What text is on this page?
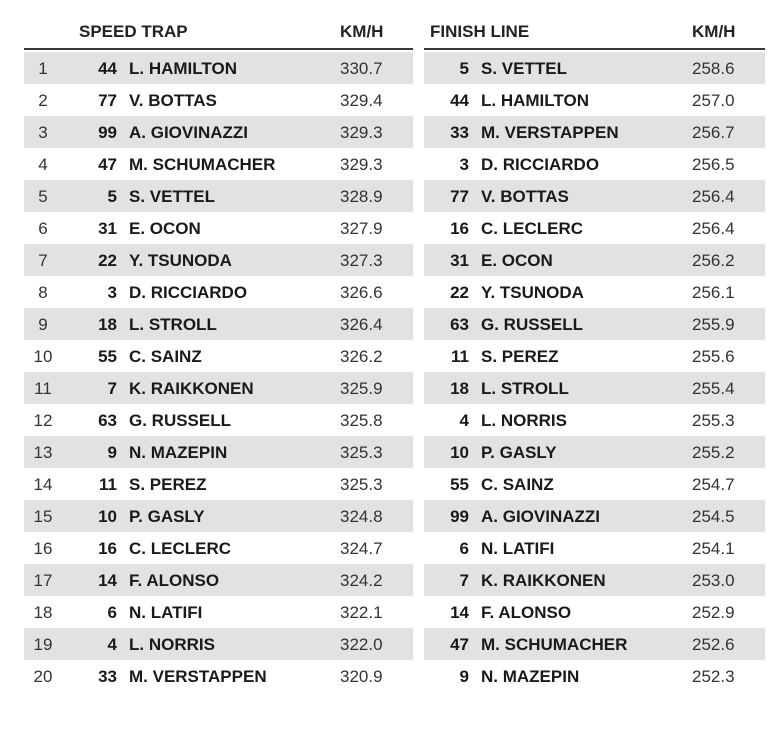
SPEED TRAP	KM/H
1	44 L. HAMILTON	330.7
2	77 V. BOTTAS	329.4
3	99 A. GIOVINAZZI	329.3
4	47 M. SCHUMACHER	329.3
5	5 S. VETTEL	328.9
6	31 E. OCON	327.9
7	22 Y. TSUNODA	327.3
8	3 D. RICCIARDO	326.6
9	18 L. STROLL	326.4
10	55 C. SAINZ	326.2
11	7 K. RAIKKONEN	325.9
12	63 G. RUSSELL	325.8
13	9 N. MAZEPIN	325.3
14	11 S. PEREZ	325.3
15	10 P. GASLY	324.8
16	16 C. LECLERC	324.7
17	14 F. ALONSO	324.2
18	6 N. LATIFI	322.1
19	4 L. NORRIS	322.0
20	33 M. VERSTAPPEN	320.9
FINISH LINE	KM/H
5 S. VETTEL	258.6
44 L. HAMILTON	257.0
33 M. VERSTAPPEN	256.7
3 D. RICCIARDO	256.5
77 V. BOTTAS	256.4
16 C. LECLERC	256.4
31 E. OCON	256.2
22 Y. TSUNODA	256.1
63 G. RUSSELL	255.9
11 S. PEREZ	255.6
18 L. STROLL	255.4
4 L. NORRIS	255.3
10 P. GASLY	255.2
55 C. SAINZ	254.7
99 A. GIOVINAZZI	254.5
6 N. LATIFI	254.1
7 K. RAIKKONEN	253.0
14 F. ALONSO	252.9
47 M. SCHUMACHER	252.6
9 N. MAZEPIN	252.3
